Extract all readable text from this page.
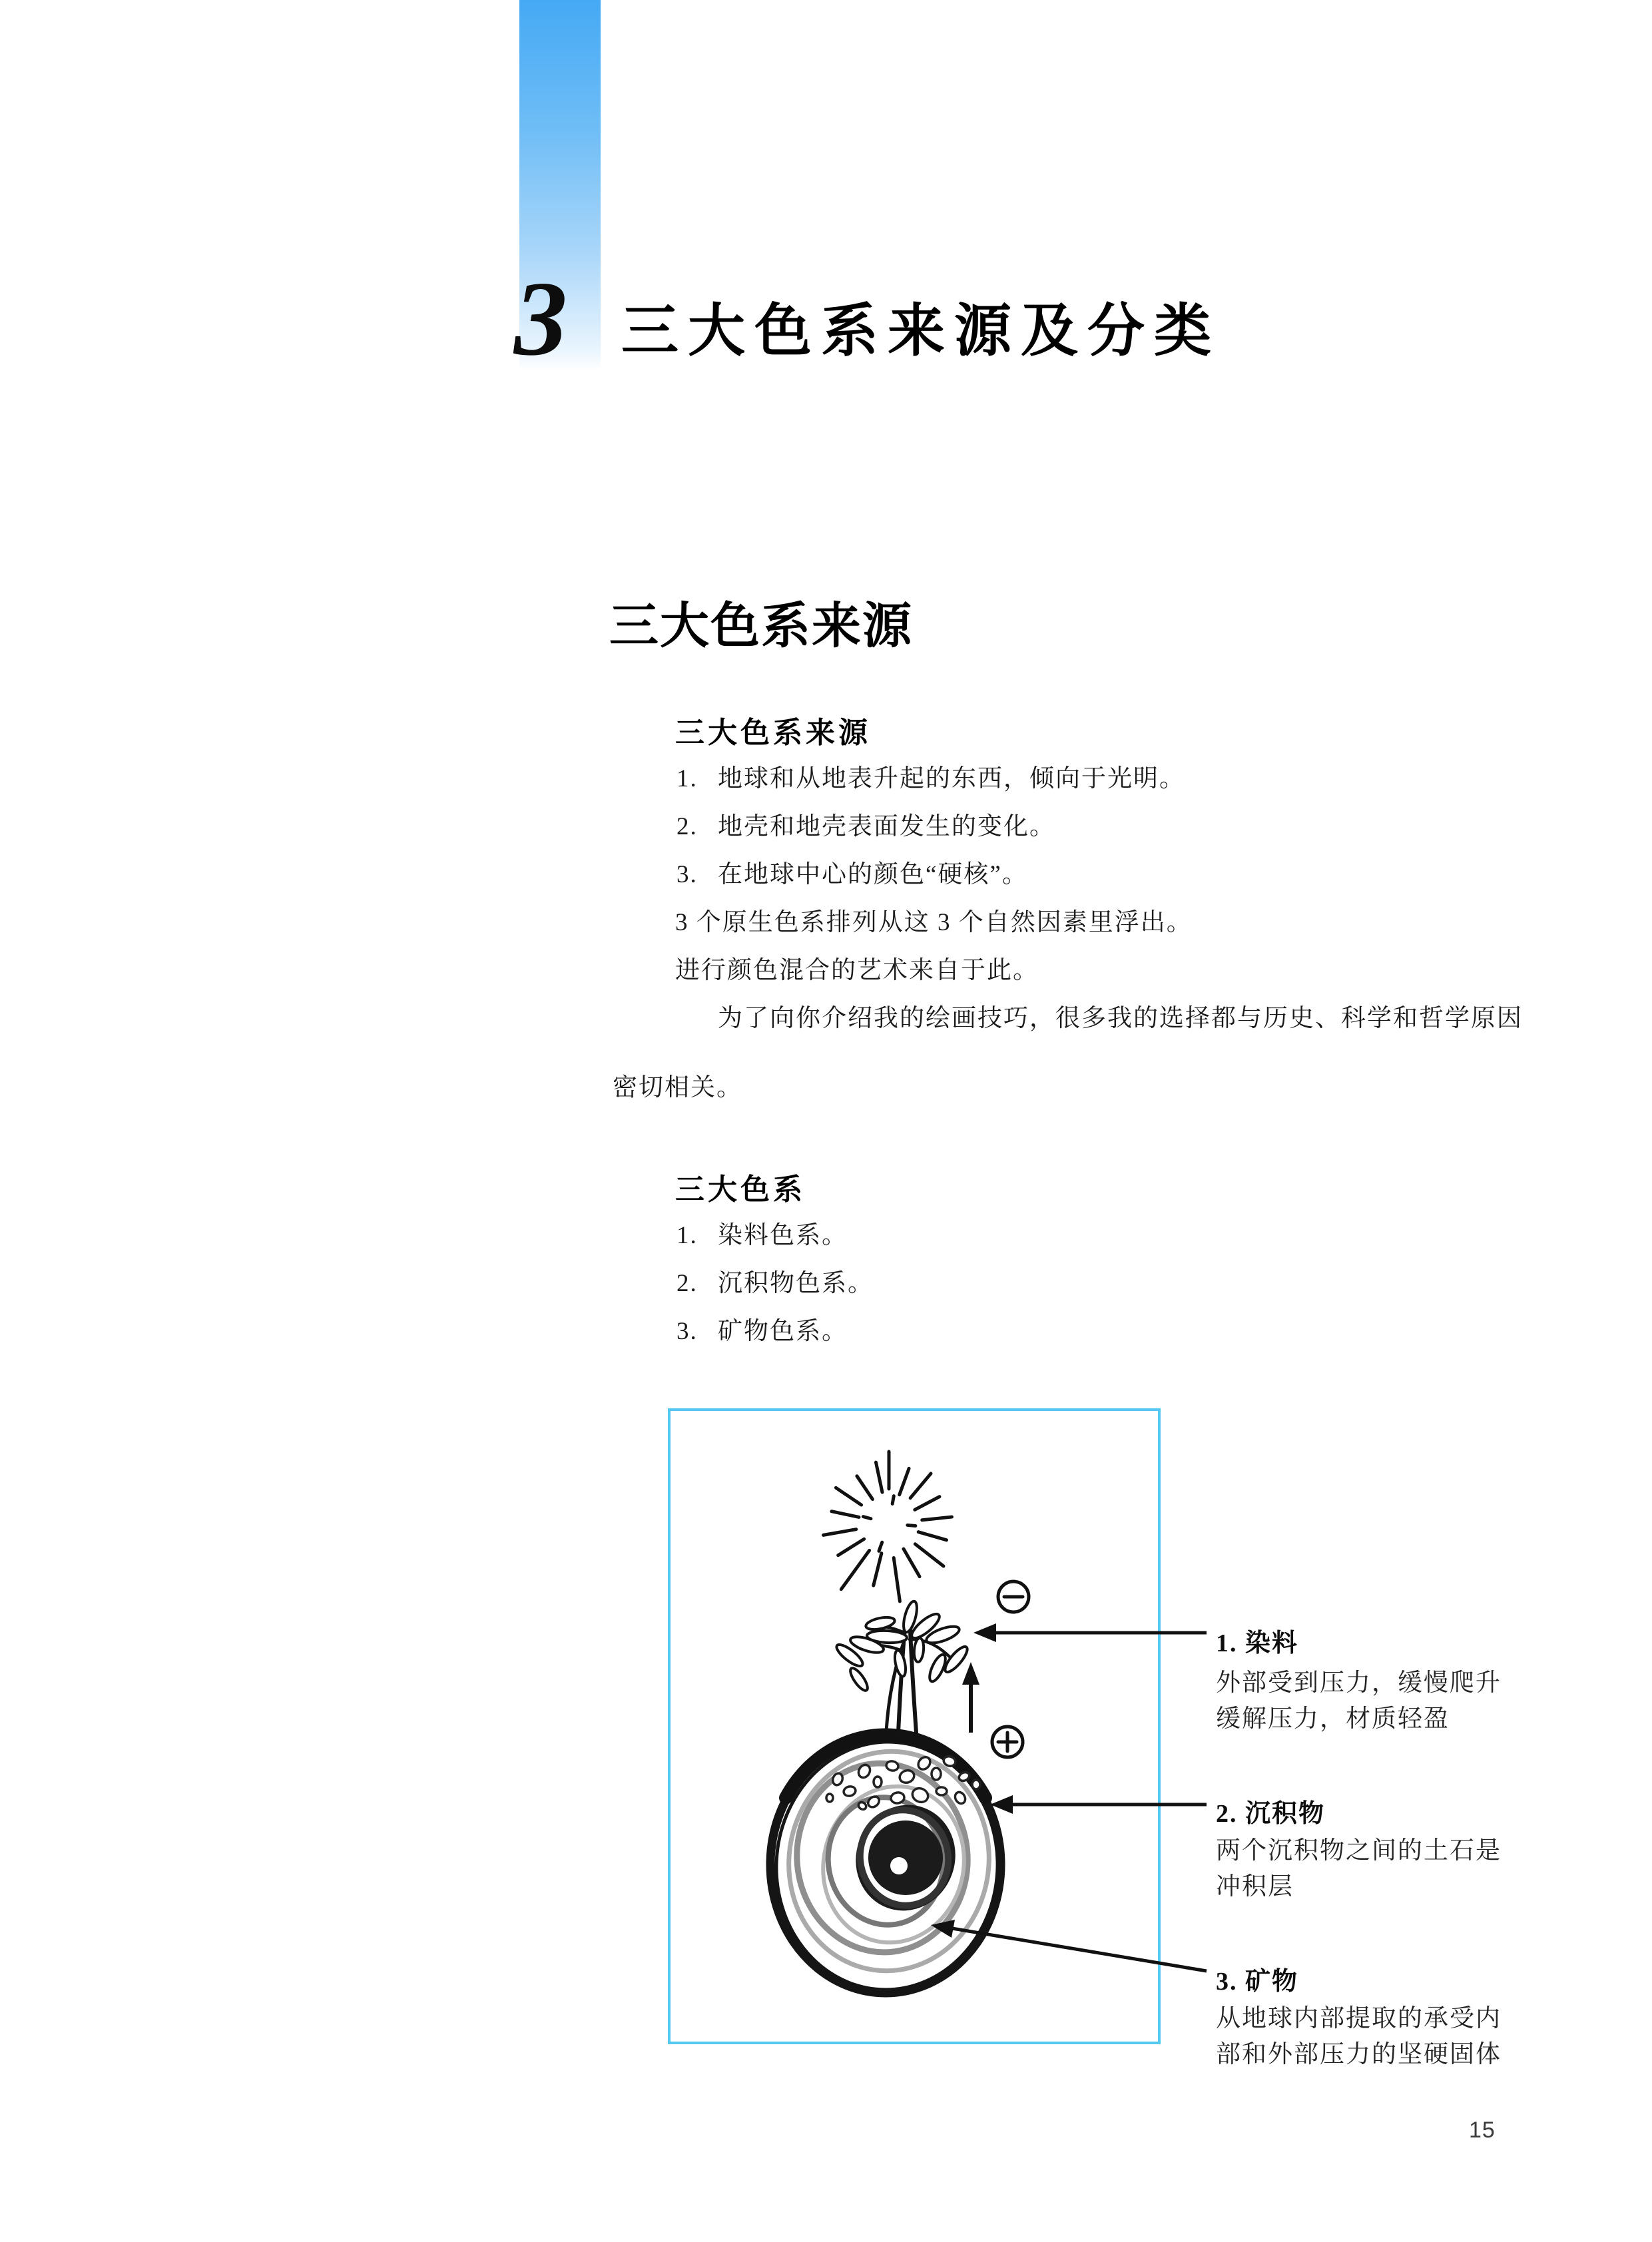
3 三大色系来源及分类
三大色系来源
三大色系来源
1. 地球和从地表升起的东西，倾向于光明。
2. 地壳和地壳表面发生的变化。
3. 在地球中心的颜色“硬核”。
3 个原生色系排列从这 3 个自然因素里浮出。
进行颜色混合的艺术来自于此。
为了向你介绍我的绘画技巧，很多我的选择都与历史、科学和哲学原因
密切相关。
三大色系
1. 染料色系。
2. 沉积物色系。
3. 矿物色系。
1. 染料
外部受到压力，缓慢爬升
缓解压力，材质轻盈
2. 沉积物
两个沉积物之间的土石是
冲积层
3. 矿物
从地球内部提取的承受内
部和外部压力的坚硬固体
15
